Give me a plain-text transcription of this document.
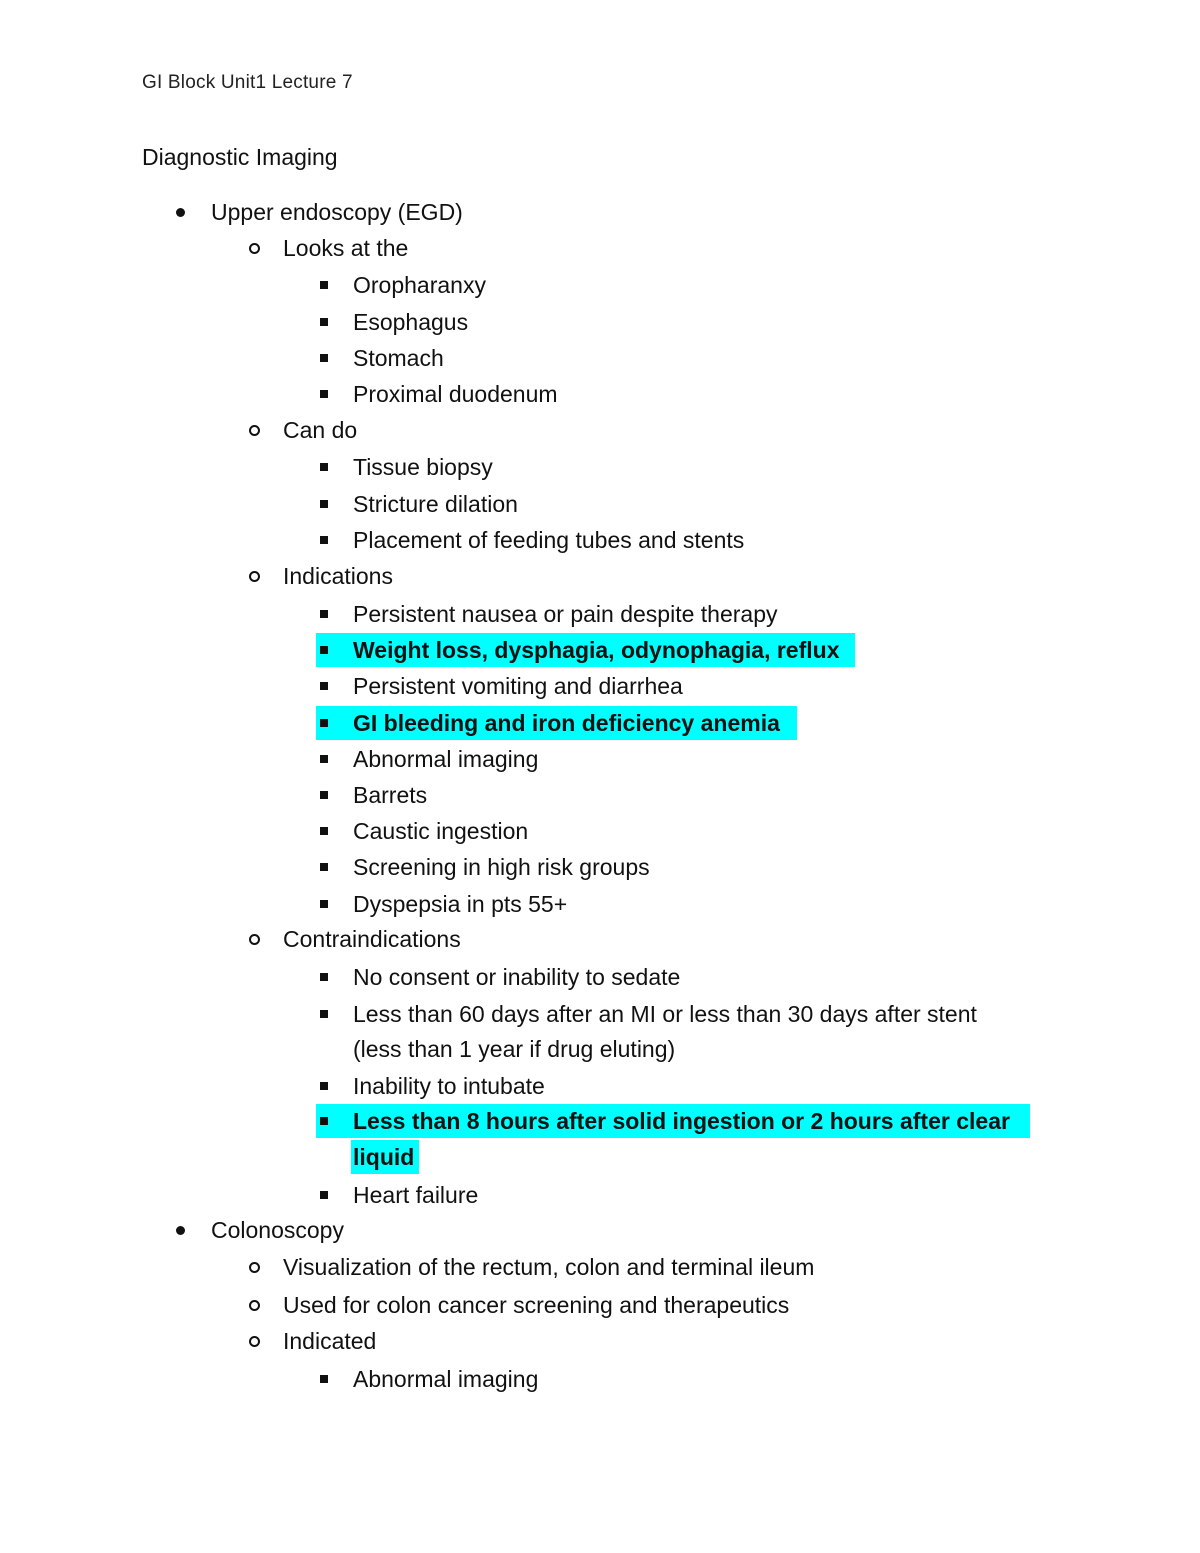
GI Block Unit1 Lecture 7
Diagnostic Imaging
Upper endoscopy (EGD)
Looks at the
Oropharanxy
Esophagus
Stomach
Proximal duodenum
Can do
Tissue biopsy
Stricture dilation
Placement of feeding tubes and stents
Indications
Persistent nausea or pain despite therapy
Weight loss, dysphagia, odynophagia, reflux
Persistent vomiting and diarrhea
GI bleeding and iron deficiency anemia
Abnormal imaging
Barrets
Caustic ingestion
Screening in high risk groups
Dyspepsia in pts 55+
Contraindications
No consent or inability to sedate
Less than 60 days after an MI or less than 30 days after stent
(less than 1 year if drug eluting)
Inability to intubate
Less than 8 hours after solid ingestion or 2 hours after clear
liquid
Heart failure
Colonoscopy
Visualization of the rectum, colon and terminal ileum
Used for colon cancer screening and therapeutics
Indicated
Abnormal imaging
